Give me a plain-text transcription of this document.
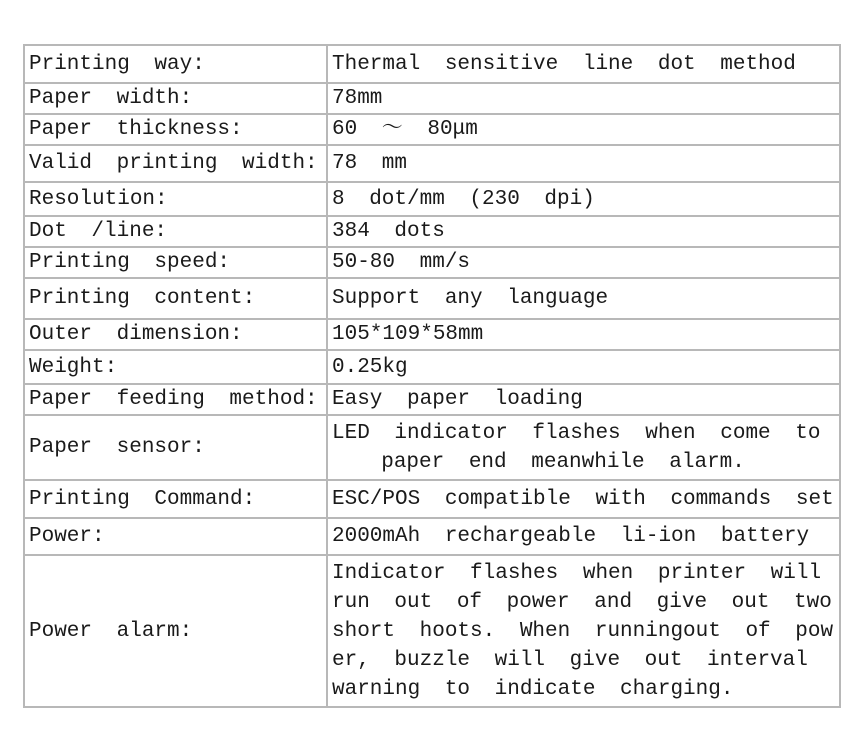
Printing way:	Thermal sensitive line dot method
Paper width:	78mm
Paper thickness:	60 ～ 80μm
Valid printing width:	78 mm
Resolution:	8 dot/mm (230 dpi)
Dot /line:	384 dots
Printing speed:	50-80 mm/s
Printing content:	Support any language
Outer dimension:	105*109*58mm
Weight:	0.25kg
Paper feeding method:	Easy paper loading
Paper sensor:	LED indicator flashes when come to
paper end meanwhile alarm.
Printing Command:	ESC/POS compatible with commands set
Power:	2000mAh rechargeable li-ion battery
Power alarm:	Indicator flashes when printer will
run out of power and give out two
short hoots. When runningout of pow
er, buzzle will give out interval
warning to indicate charging.
